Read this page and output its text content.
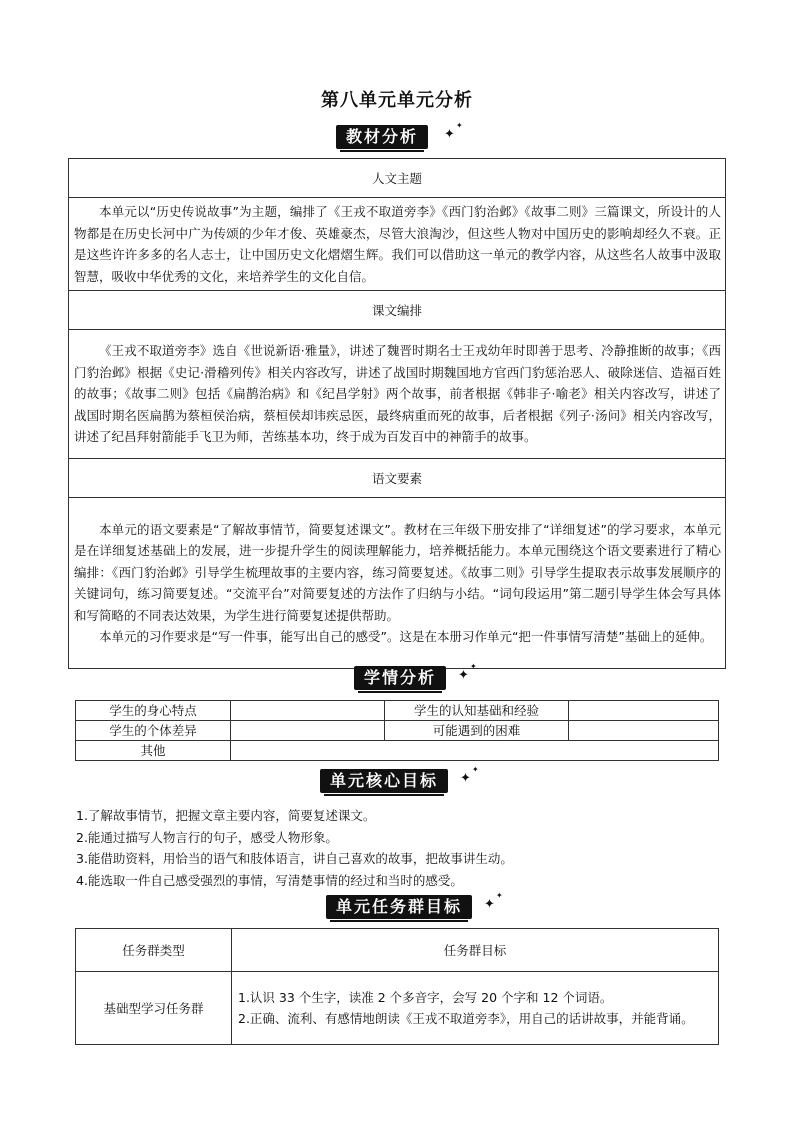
第八单元单元分析
教材分析 ✦
✦
人文主题

本单元以“历史传说故事”为主题，编排了《王戎不取道旁李》《西门豹治邺》《故事二则》三篇课文，所设计的人物都是在历史长河中广为传颂的少年才俊、英雄豪杰，尽管大浪淘沙，但这些人物对中国历史的影响却经久不衰。正是这些许许多多的名人志士，让中国历史文化熠熠生辉。我们可以借助这一单元的教学内容，从这些名人故事中汲取智慧，吸收中华优秀的文化，来培养学生的文化自信。

课文编排

《王戎不取道旁李》选自《世说新语·雅量》，讲述了魏晋时期名士王戎幼年时即善于思考、冷静推断的故事；《西门豹治邺》根据《史记·滑稽列传》相关内容改写，讲述了战国时期魏国地方官西门豹惩治恶人、破除迷信、造福百姓的故事；《故事二则》包括《扁鹊治病》和《纪昌学射》两个故事，前者根据《韩非子·喻老》相关内容改写，讲述了战国时期名医扁鹊为蔡桓侯治病，蔡桓侯却讳疾忌医，最终病重而死的故事，后者根据《列子·汤问》相关内容改写，讲述了纪昌拜射箭能手飞卫为师，苦练基本功，终于成为百发百中的神箭手的故事。

语文要素

本单元的语文要素是“了解故事情节，简要复述课文”。教材在三年级下册安排了“详细复述”的学习要求，本单元是在详细复述基础上的发展，进一步提升学生的阅读理解能力，培养概括能力。本单元围绕这个语文要素进行了精心编排：《西门豹治邺》引导学生梳理故事的主要内容，练习简要复述。《故事二则》引导学生提取表示故事发展顺序的关键词句，练习简要复述。“交流平台”对简要复述的方法作了归纳与小结。“词句段运用”第二题引导学生体会写具体和写简略的不同表达效果，为学生进行简要复述提供帮助。

本单元的习作要求是“写一件事，能写出自己的感受”。这是在本册习作单元“把一件事情写清楚”基础上的延伸。

学情分析 ✦
✦
学生的身心特点		学生的认知基础和经验	
学生的个体差异		可能遇到的困难	
其他			
单元核心目标 ✦
✦
1.了解故事情节，把握文章主要内容，简要复述课文。
2.能通过描写人物言行的句子，感受人物形象。
3.能借助资料，用恰当的语气和肢体语言，讲自己喜欢的故事，把故事讲生动。
4.能选取一件自己感受强烈的事情，写清楚事情的经过和当时的感受。
单元任务群目标 ✦
✦
任务群类型	任务群目标
基础型学习任务群	1.认识 33 个生字，读准 2 个多音字，会写 20 个字和 12 个词语。
2.正确、流利、有感情地朗读《王戎不取道旁李》，用自己的话讲故事，并能背诵。
